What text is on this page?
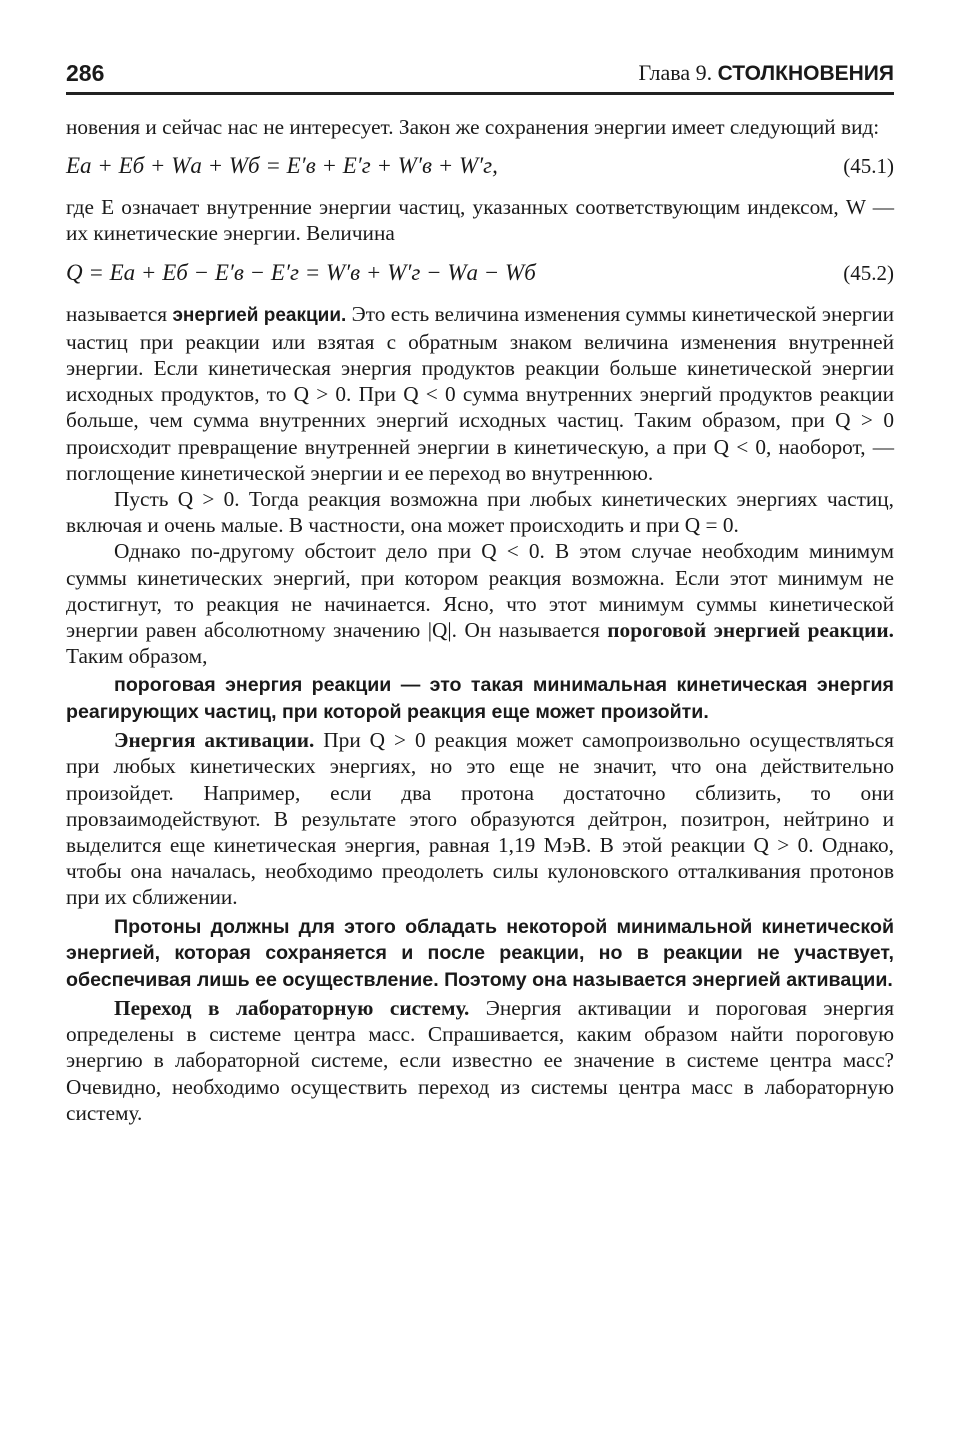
286	Глава 9. СТОЛКНОВЕНИЯ

новения и сейчас нас не интересует. Закон же сохранения энергии имеет следующий вид:

Eа + Eб + Wа + Wб = E′в + E′г + W′в + W′г,	(45.1)

где E означает внутренние энергии частиц, указанных соответствующим индексом, W — их кинетические энергии. Величина

Q = Eа + Eб − E′в − E′г = W′в + W′г − Wа − Wб	(45.2)

называется энергией реакции. Это есть величина изменения суммы кинетической энергии частиц при реакции или взятая с обратным знаком величина изменения внутренней энергии. Если кинетическая энергия продуктов реакции больше кинетической энергии исходных продуктов, то Q > 0. При Q < 0 сумма внутренних энергий продуктов реакции больше, чем сумма внутренних энергий исходных частиц. Таким образом, при Q > 0 происходит превращение внутренней энергии в кинетическую, а при Q < 0, наоборот, — поглощение кинетической энергии и ее переход во внутреннюю.

Пусть Q > 0. Тогда реакция возможна при любых кинетических энергиях частиц, включая и очень малые. В частности, она может происходить и при Q = 0.

Однако по-другому обстоит дело при Q < 0. В этом случае необходим минимум суммы кинетических энергий, при котором реакция возможна. Если этот минимум не достигнут, то реакция не начинается. Ясно, что этот минимум суммы кинетической энергии равен абсолютному значению |Q|. Он называется пороговой энергией реакции. Таким образом,

пороговая энергия реакции — это такая минимальная кинетическая энергия реагирующих частиц, при которой реакция еще может произойти.

Энергия активации. При Q > 0 реакция может самопроизвольно осуществляться при любых кинетических энергиях, но это еще не значит, что она действительно произойдет. Например, если два протона достаточно сблизить, то они провзаимодействуют. В результате этого образуются дейтрон, позитрон, нейтрино и выделится еще кинетическая энергия, равная 1,19 МэВ. В этой реакции Q > 0. Однако, чтобы она началась, необходимо преодолеть силы кулоновского отталкивания протонов при их сближении.

Протоны должны для этого обладать некоторой минимальной кинетической энергией, которая сохраняется и после реакции, но в реакции не участвует, обеспечивая лишь ее осуществление. Поэтому она называется энергией активации.

Переход в лабораторную систему. Энергия активации и пороговая энергия определены в системе центра масс. Спрашивается, каким образом найти пороговую энергию в лабораторной системе, если известно ее значение в системе центра масс? Очевидно, необходимо осуществить переход из системы центра масс в лабораторную систему.
